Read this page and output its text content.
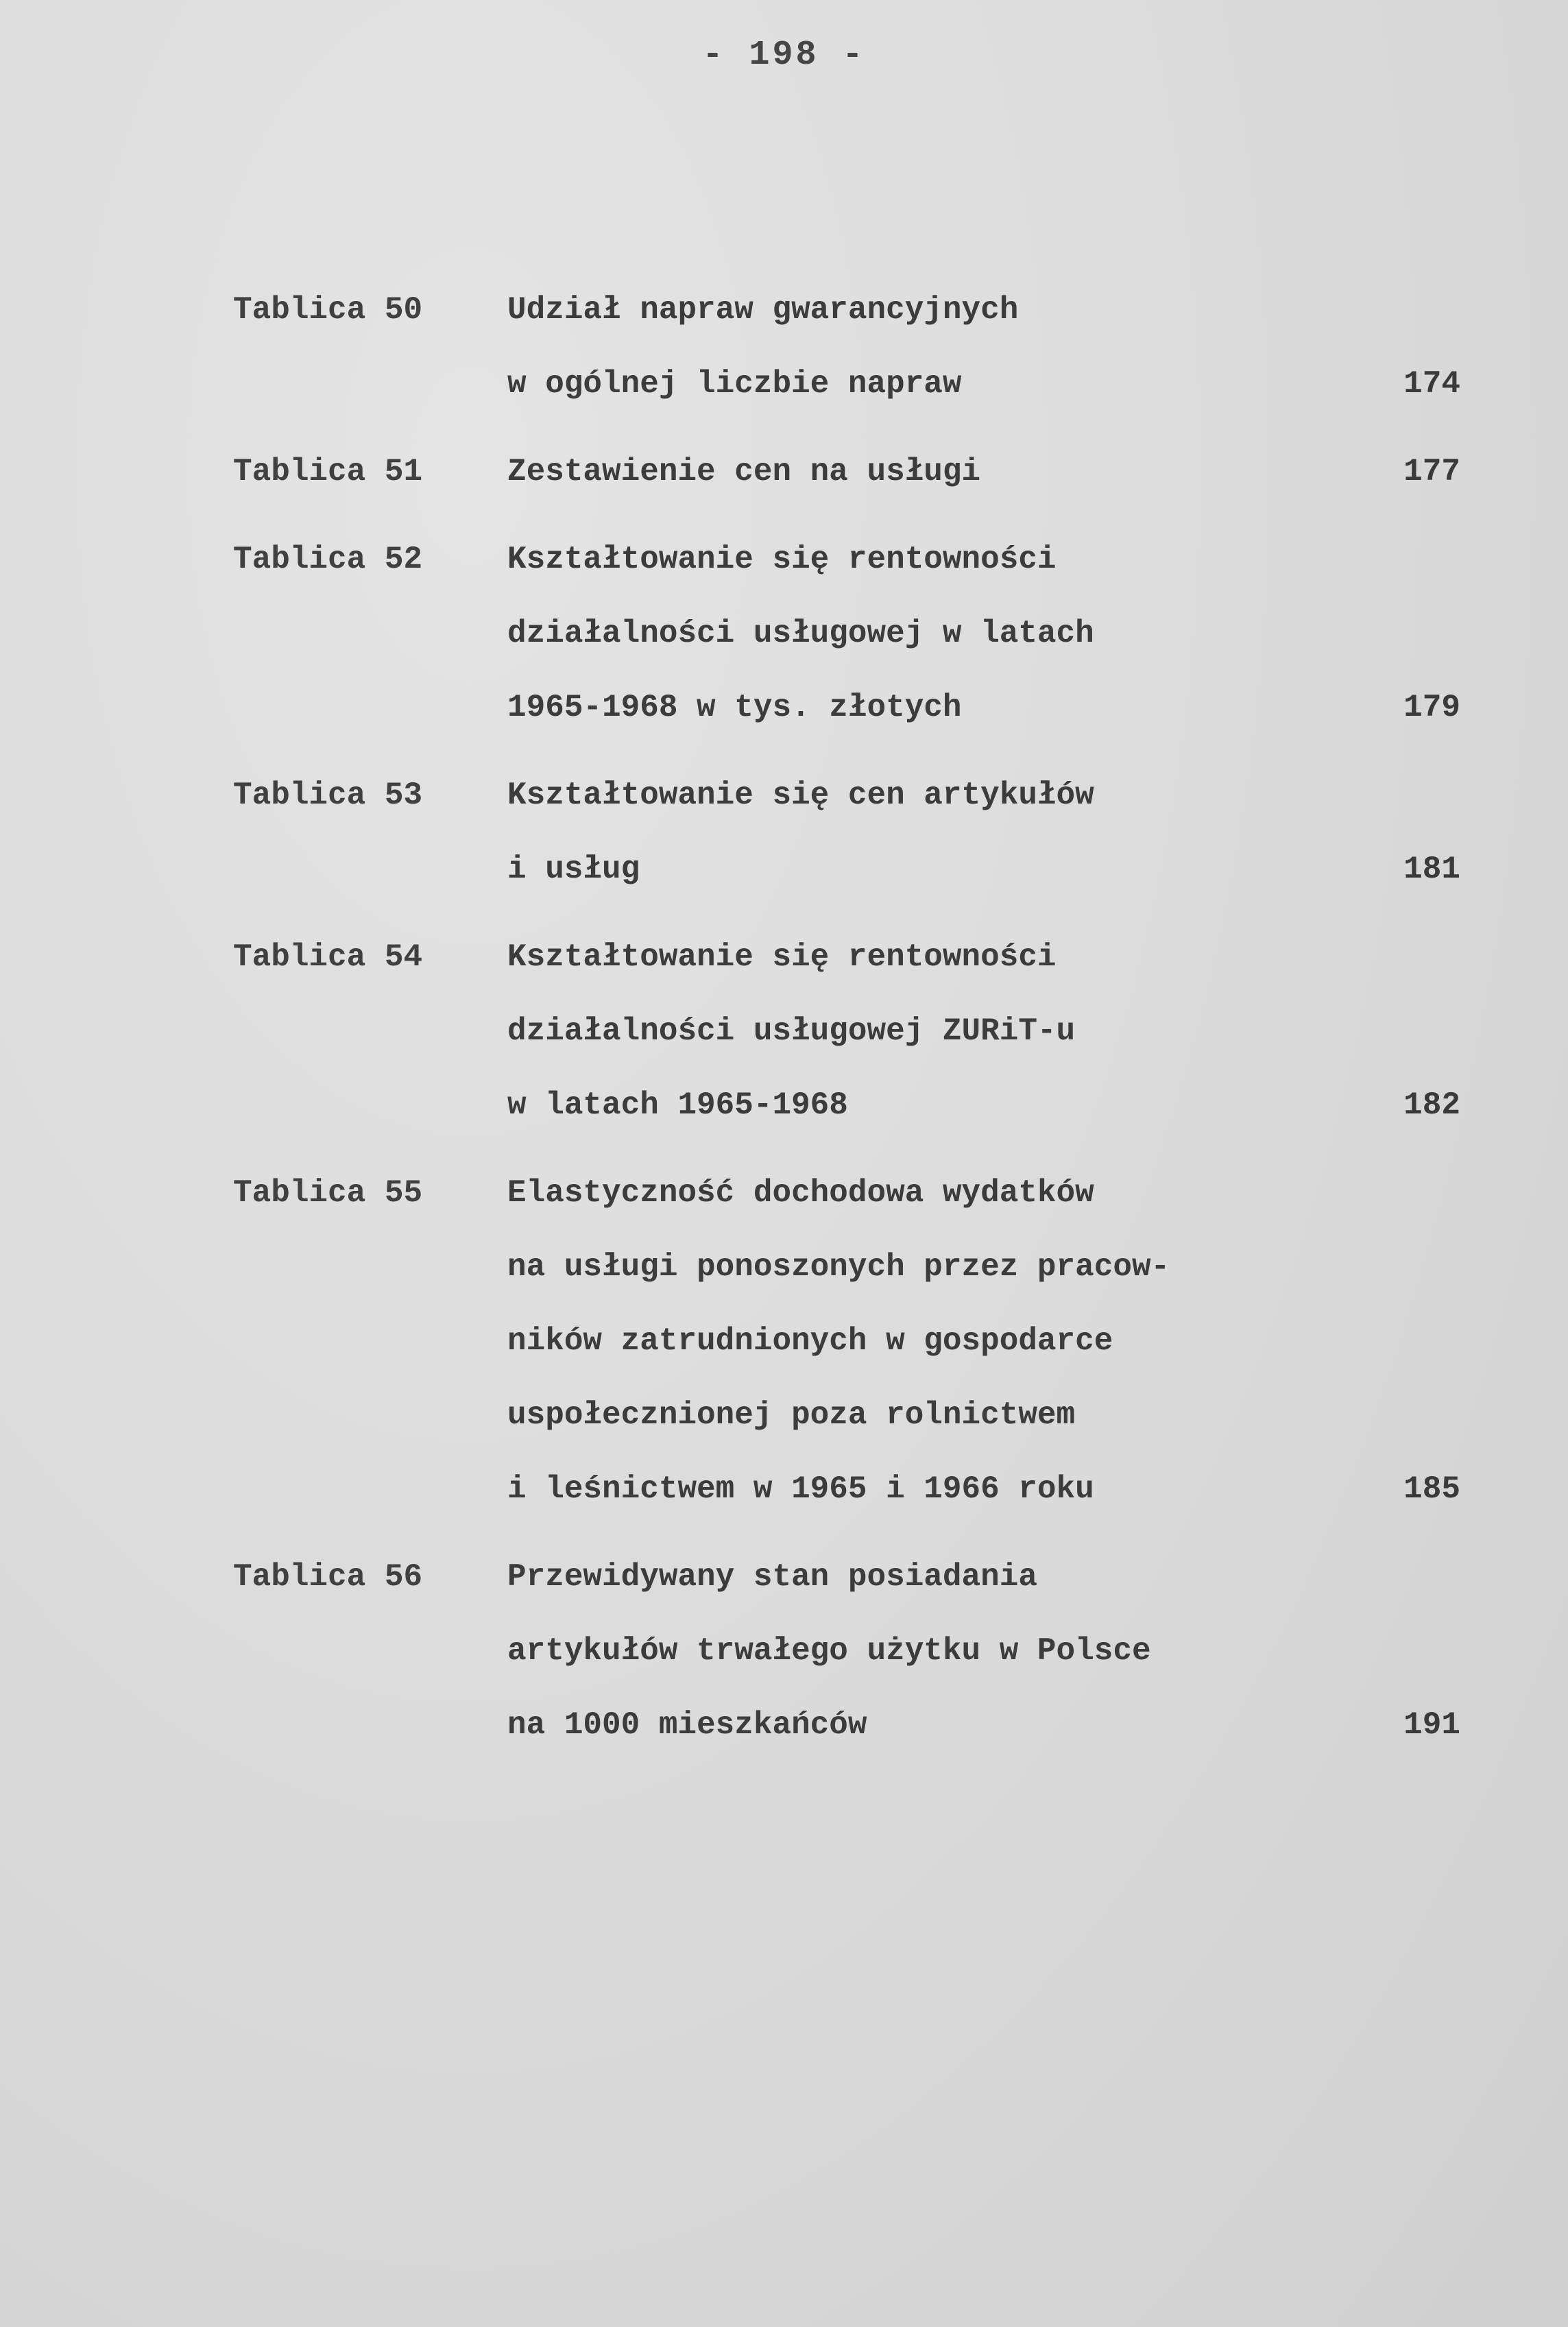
- 198 -
Tablica 50	Udział napraw gwarancyjnych
w ogólnej liczbie napraw	174
Tablica 51	Zestawienie cen na usługi	177
Tablica 52	Kształtowanie się rentowności
działalności usługowej w latach
1965-1968 w tys. złotych	179
Tablica 53	Kształtowanie się cen artykułów
i usług	181
Tablica 54	Kształtowanie się rentowności
działalności usługowej ZURiT-u
w latach 1965-1968	182
Tablica 55	Elastyczność dochodowa wydatków
na usługi ponoszonych przez pracow-
ników zatrudnionych w gospodarce
uspołecznionej poza rolnictwem
i leśnictwem w 1965 i 1966 roku	185
Tablica 56	Przewidywany stan posiadania
artykułów trwałego użytku w Polsce
na 1000 mieszkańców	191
